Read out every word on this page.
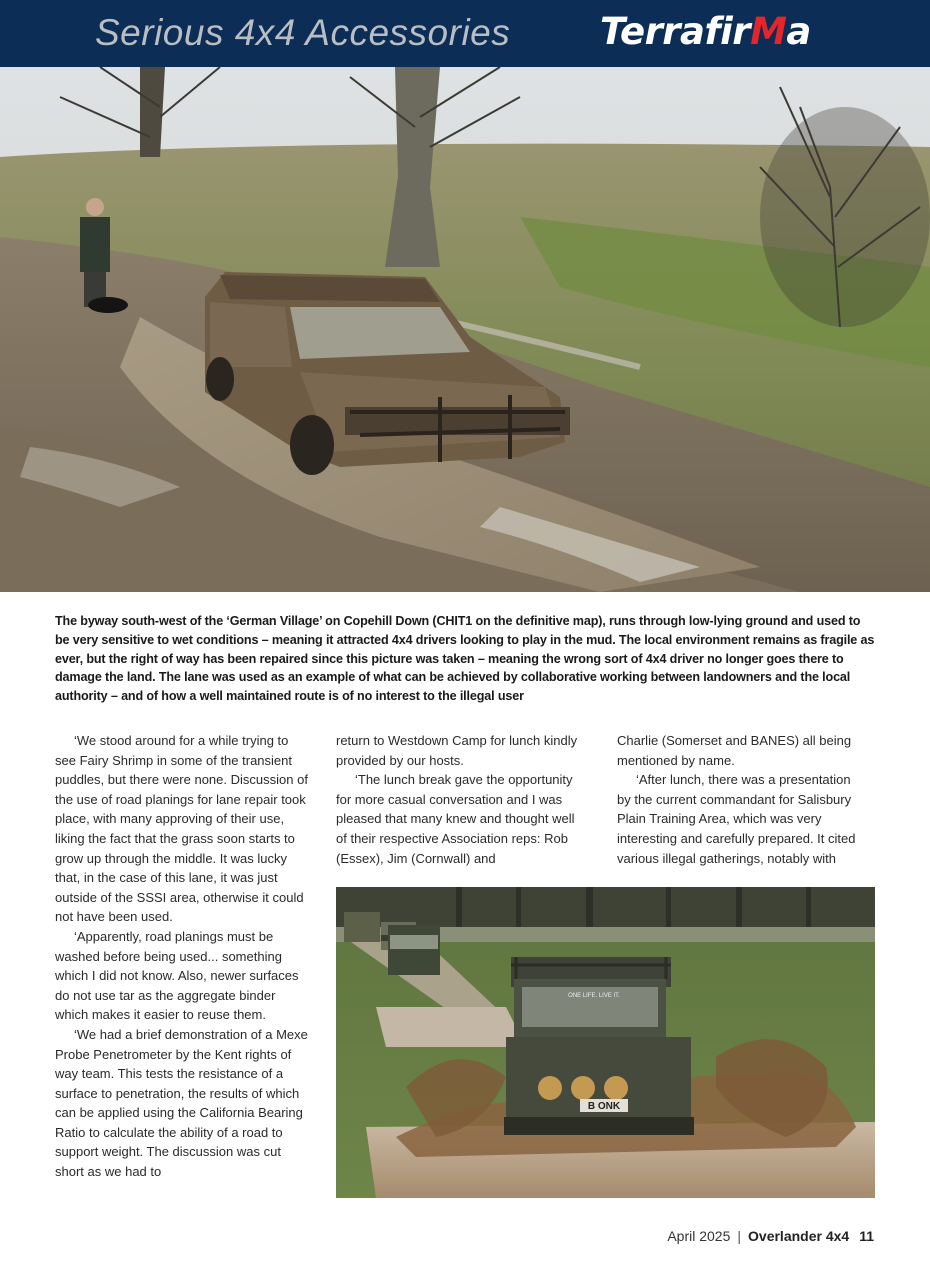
Serious 4x4 Accessories TerrafirMa
The byway south-west of the ‘German Village’ on Copehill Down (CHIT1 on the definitive map), runs through low-lying ground and used to be very sensitive to wet conditions – meaning it attracted 4x4 drivers looking to play in the mud. The local environment remains as fragile as ever, but the right of way has been repaired since this picture was taken – meaning the wrong sort of 4x4 driver no longer goes there to damage the land. The lane was used as an example of what can be achieved by collaborative working between landowners and the local authority – and of how a well maintained route is of no interest to the illegal user

‘We stood around for a while trying to see Fairy Shrimp in some of the transient puddles, but there were none. Discussion of the use of road planings for lane repair took place, with many approving of their use, liking the fact that the grass soon starts to grow up through the middle. It was lucky that, in the case of this lane, it was just outside of the SSSI area, otherwise it could not have been used.

‘Apparently, road planings must be washed before being used... something which I did not know. Also, newer surfaces do not use tar as the aggregate binder which makes it easier to reuse them.

‘We had a brief demonstration of a Mexe Probe Penetrometer by the Kent rights of way team. This tests the resistance of a surface to penetration, the results of which can be applied using the California Bearing Ratio to calculate the ability of a road to support weight. The discussion was cut short as we had to

return to Westdown Camp for lunch kindly provided by our hosts.

‘The lunch break gave the opportunity for more casual conversation and I was pleased that many knew and thought well of their respective Association reps: Rob (Essex), Jim (Cornwall) and

Charlie (Somerset and BANES) all being mentioned by name.

‘After lunch, there was a presentation by the current commandant for Salisbury Plain Training Area, which was very interesting and carefully prepared. It cited various illegal gatherings, notably with

B ONK
ONE LIFE. LIVE IT.
April 2025 | Overlander 4x4 11
